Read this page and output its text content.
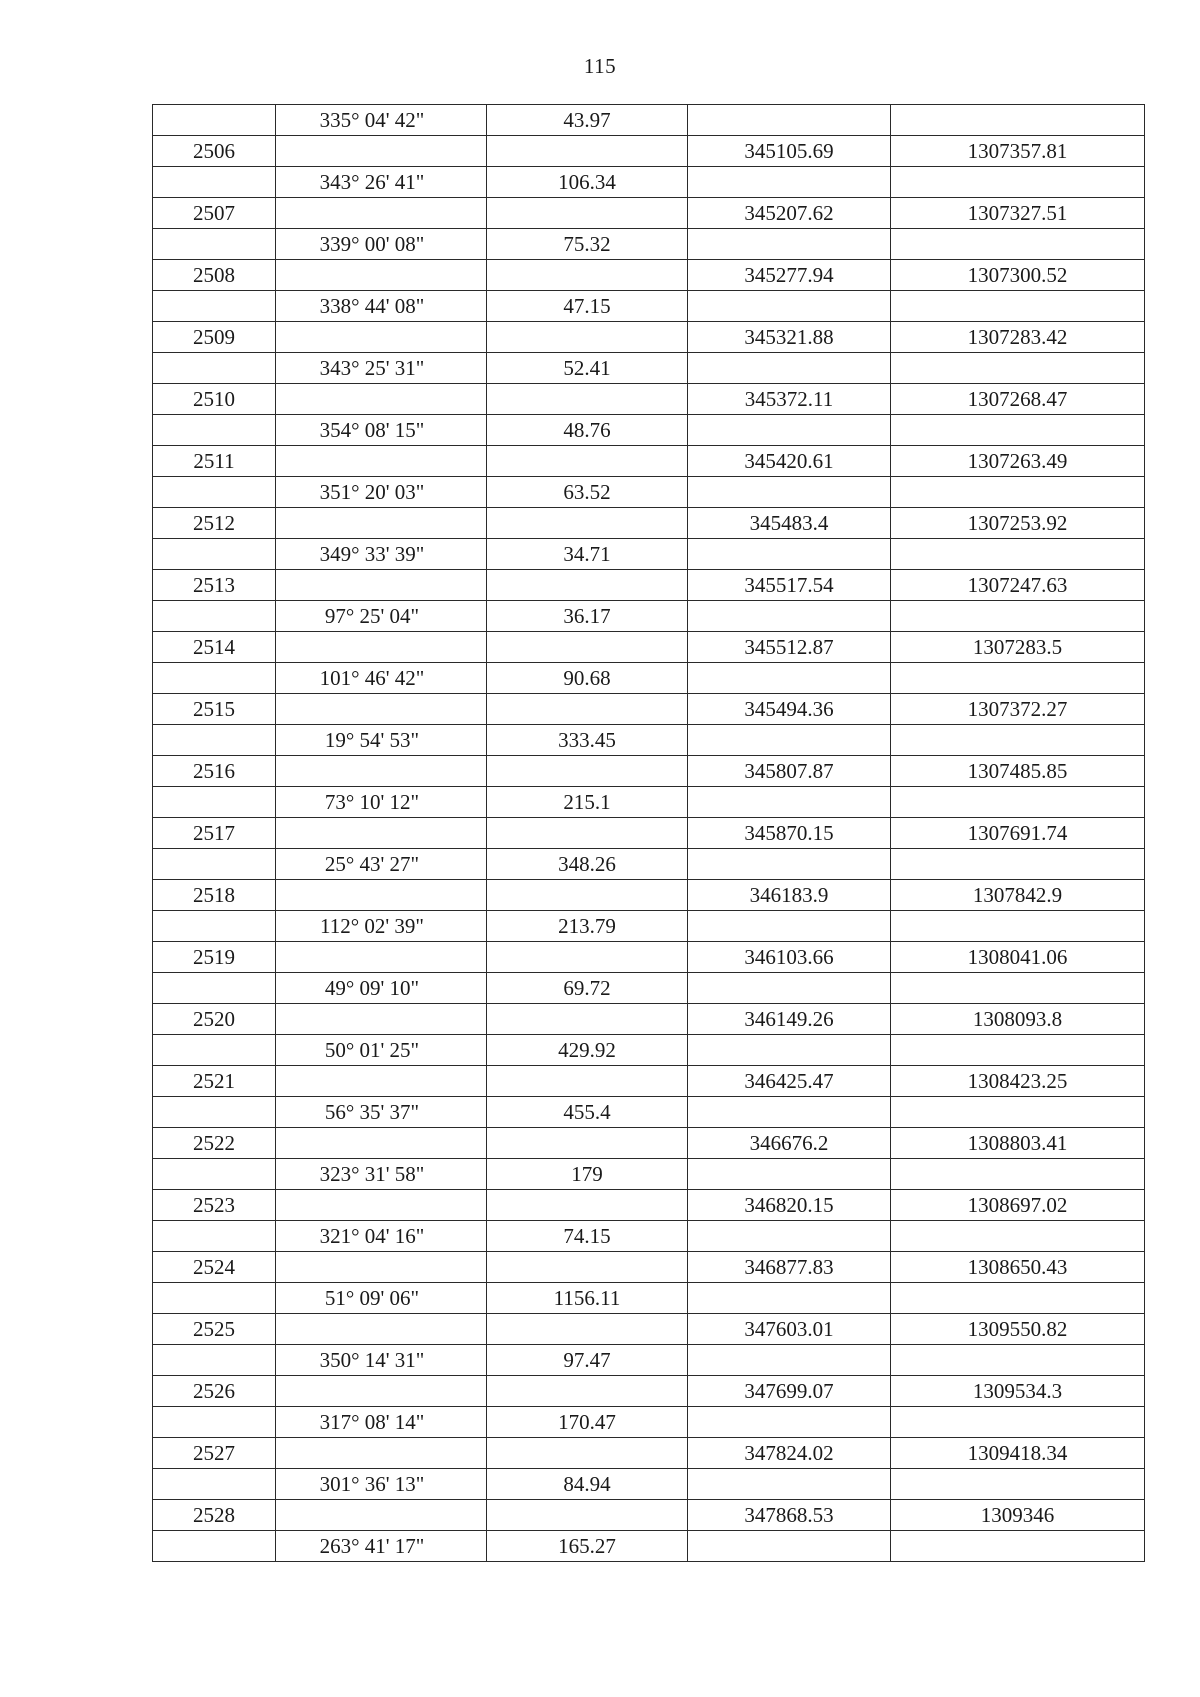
115
	335° 04' 42"	43.97		
2506			345105.69	1307357.81
	343° 26' 41"	106.34		
2507			345207.62	1307327.51
	339° 00' 08"	75.32		
2508			345277.94	1307300.52
	338° 44' 08"	47.15		
2509			345321.88	1307283.42
	343° 25' 31"	52.41		
2510			345372.11	1307268.47
	354° 08' 15"	48.76		
2511			345420.61	1307263.49
	351° 20' 03"	63.52		
2512			345483.4	1307253.92
	349° 33' 39"	34.71		
2513			345517.54	1307247.63
	97° 25' 04"	36.17		
2514			345512.87	1307283.5
	101° 46' 42"	90.68		
2515			345494.36	1307372.27
	19° 54' 53"	333.45		
2516			345807.87	1307485.85
	73° 10' 12"	215.1		
2517			345870.15	1307691.74
	25° 43' 27"	348.26		
2518			346183.9	1307842.9
	112° 02' 39"	213.79		
2519			346103.66	1308041.06
	49° 09' 10"	69.72		
2520			346149.26	1308093.8
	50° 01' 25"	429.92		
2521			346425.47	1308423.25
	56° 35' 37"	455.4		
2522			346676.2	1308803.41
	323° 31' 58"	179		
2523			346820.15	1308697.02
	321° 04' 16"	74.15		
2524			346877.83	1308650.43
	51° 09' 06"	1156.11		
2525			347603.01	1309550.82
	350° 14' 31"	97.47		
2526			347699.07	1309534.3
	317° 08' 14"	170.47		
2527			347824.02	1309418.34
	301° 36' 13"	84.94		
2528			347868.53	1309346
	263° 41' 17"	165.27		
